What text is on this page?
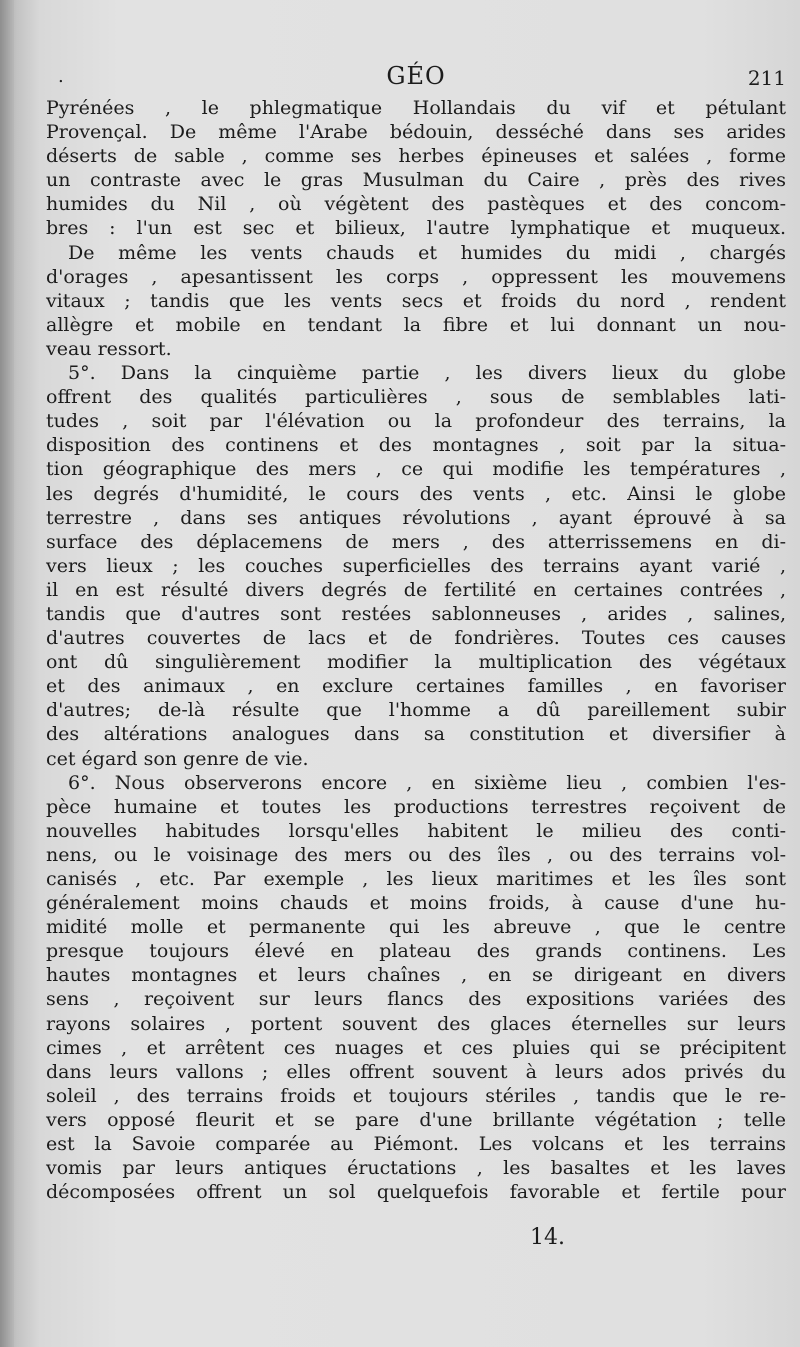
.	GÉO	211
Pyrénées , le phlegmatique Hollandais du vif et pétulant
Provençal. De même l'Arabe bédouin, desséché dans ses arides
déserts de sable , comme ses herbes épineuses et salées , forme
un contraste avec le gras Musulman du Caire , près des rives
humides du Nil , où végètent des pastèques et des concom-
bres : l'un est sec et bilieux, l'autre lymphatique et muqueux.
De même les vents chauds et humides du midi , chargés
d'orages , apesantissent les corps , oppressent les mouvemens
vitaux ; tandis que les vents secs et froids du nord , rendent
allègre et mobile en tendant la fibre et lui donnant un nou-
veau ressort.
5°. Dans la cinquième partie , les divers lieux du globe
offrent des qualités particulières , sous de semblables lati-
tudes , soit par l'élévation ou la profondeur des terrains, la
disposition des continens et des montagnes , soit par la situa-
tion géographique des mers , ce qui modifie les températures ,
les degrés d'humidité, le cours des vents , etc. Ainsi le globe
terrestre , dans ses antiques révolutions , ayant éprouvé à sa
surface des déplacemens de mers , des atterrissemens en di-
vers lieux ; les couches superficielles des terrains ayant varié ,
il en est résulté divers degrés de fertilité en certaines contrées ,
tandis que d'autres sont restées sablonneuses , arides , salines,
d'autres couvertes de lacs et de fondrières. Toutes ces causes
ont dû singulièrement modifier la multiplication des végétaux
et des animaux , en exclure certaines familles , en favoriser
d'autres; de-là résulte que l'homme a dû pareillement subir
des altérations analogues dans sa constitution et diversifier à
cet égard son genre de vie.
6°. Nous observerons encore , en sixième lieu , combien l'es-
pèce humaine et toutes les productions terrestres reçoivent de
nouvelles habitudes lorsqu'elles habitent le milieu des conti-
nens, ou le voisinage des mers ou des îles , ou des terrains vol-
canisés , etc. Par exemple , les lieux maritimes et les îles sont
généralement moins chauds et moins froids, à cause d'une hu-
midité molle et permanente qui les abreuve , que le centre
presque toujours élevé en plateau des grands continens. Les
hautes montagnes et leurs chaînes , en se dirigeant en divers
sens , reçoivent sur leurs flancs des expositions variées des
rayons solaires , portent souvent des glaces éternelles sur leurs
cimes , et arrêtent ces nuages et ces pluies qui se précipitent
dans leurs vallons ; elles offrent souvent à leurs ados privés du
soleil , des terrains froids et toujours stériles , tandis que le re-
vers opposé fleurit et se pare d'une brillante végétation ; telle
est la Savoie comparée au Piémont. Les volcans et les terrains
vomis par leurs antiques éructations , les basaltes et les laves
décomposées offrent un sol quelquefois favorable et fertile pour
14.
